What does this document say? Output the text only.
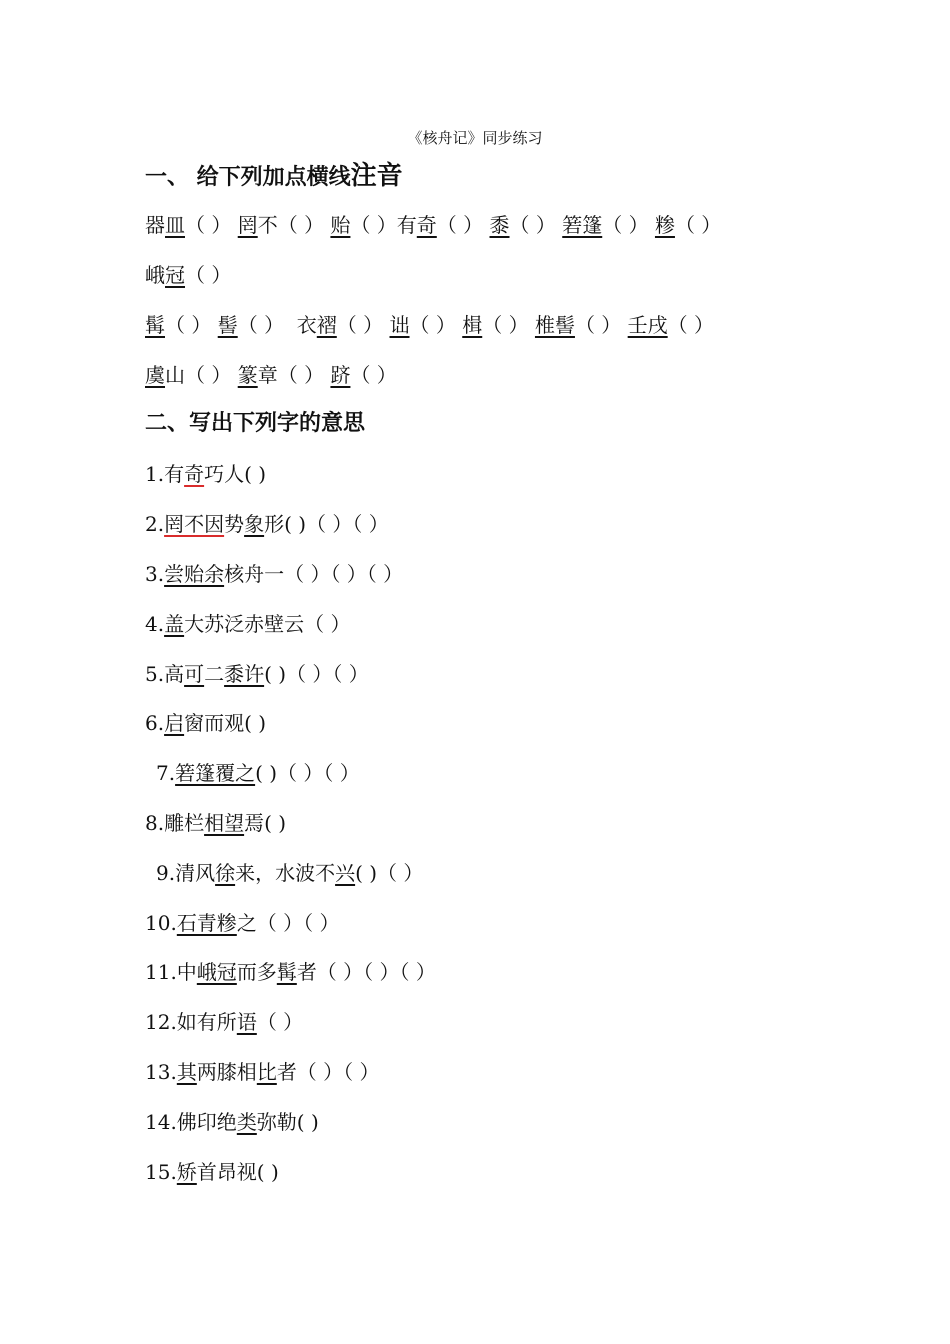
《核舟记》同步练习
一、 给下列加点横线注音
器皿（ ） 罔不（ ） 贻（ ）有奇（ ） 黍（ ） 箬篷（ ） 糁（ ）
峨冠（ ）
髯（ ） 髻（ ）  衣褶（ ） 诎（ ） 楫（ ） 椎髻（ ） 壬戌（ ）
虞山（ ） 篆章（ ） 跻（ ）
二、写出下列字的意思
1.有奇巧人( )
2.罔不因势象形( )（ ）（ ）
3.尝贻余核舟一（ ）（ ）（ ）
4.盖大苏泛赤壁云（ ）
5.高可二黍许( )（ ）（ ）
6.启窗而观( )
7.箬篷覆之( )（ ）（ ）
8.雕栏相望焉( )
9.清风徐来，水波不兴( )（ ）
10.石青糁之（ ）（ ）
11.中峨冠而多髯者（ ）（ ）（ ）
12.如有所语（ ）
13.其两膝相比者（ ）（ ）
14.佛印绝类弥勒( )
15.矫首昂视( )
